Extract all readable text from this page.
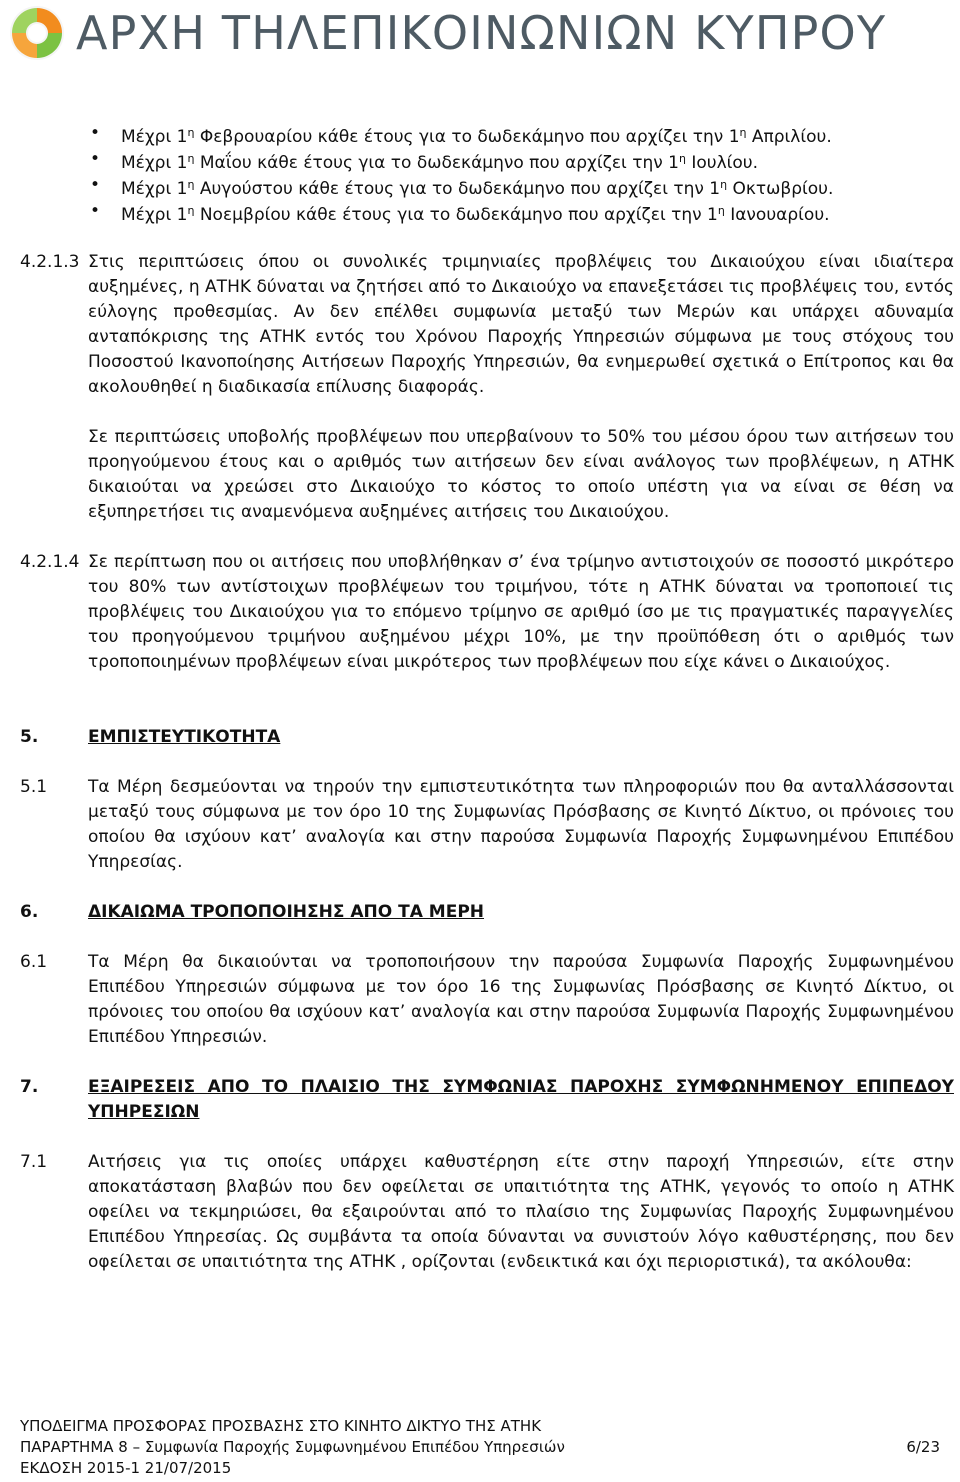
ΑΡΧΗ ΤΗΛΕΠΙΚΟΙΝΩΝΙΩΝ ΚΥΠΡΟΥ
• Μέχρι $1^\eta$ Φεβρουαρίου κάθε έτους για το δωδεκάμηνο που αρχίζει την $1^\eta$ Απριλίου.
• Μέχρι $1^\eta$ Μαΐου κάθε έτους για το δωδεκάμηνο που αρχίζει την $1^\eta$ Ιουλίου.
• Μέχρι $1^\eta$ Αυγούστου κάθε έτους για το δωδεκάμηνο που αρχίζει την $1^\eta$ Οκτωβρίου.
• Μέχρι $1^\eta$ Νοεμβρίου κάθε έτους για το δωδεκάμηνο που αρχίζει την $1^\eta$ Ιανουαρίου.
4.2.1.3 Στις περιπτώσεις όπου οι συνολικές τριμηνιαίες προβλέψεις του Δικαιούχου είναι ιδιαίτερα αυξημένες, η ΑΤΗΚ δύναται να ζητήσει από το Δικαιούχο να επανεξετάσει τις προβλέψεις του, εντός εύλογης προθεσμίας. Αν δεν επέλθει συμφωνία μεταξύ των Μερών και υπάρχει αδυναμία ανταπόκρισης της ΑΤΗΚ εντός του Χρόνου Παροχής Υπηρεσιών σύμφωνα με τους στόχους του Ποσοστού Ικανοποίησης Αιτήσεων Παροχής Υπηρεσιών, θα ενημερωθεί σχετικά ο Επίτροπος και θα ακολουθηθεί η διαδικασία επίλυσης διαφοράς.
Σε περιπτώσεις υποβολής προβλέψεων που υπερβαίνουν το 50% του μέσου όρου των αιτήσεων του προηγούμενου έτους και ο αριθμός των αιτήσεων δεν είναι ανάλογος των προβλέψεων, η ΑΤΗΚ δικαιούται να χρεώσει στο Δικαιούχο το κόστος το οποίο υπέστη για να είναι σε θέση να εξυπηρετήσει τις αναμενόμενα αυξημένες αιτήσεις του Δικαιούχου.
4.2.1.4 Σε περίπτωση που οι αιτήσεις που υποβλήθηκαν σ’ ένα τρίμηνο αντιστοιχούν σε ποσοστό μικρότερο του 80% των αντίστοιχων προβλέψεων του τριμήνου, τότε η ΑΤΗΚ δύναται να τροποποιεί τις προβλέψεις του Δικαιούχου για το επόμενο τρίμηνο σε αριθμό ίσο με τις πραγματικές παραγγελίες του προηγούμενου τριμήνου αυξημένου μέχρι 10%, με την προϋπόθεση ότι ο αριθμός των τροποποιημένων προβλέψεων είναι μικρότερος των προβλέψεων που είχε κάνει ο Δικαιούχος.
5.	ΕΜΠΙΣΤΕΥΤΙΚΟΤΗΤΑ
5.1 Τα Μέρη δεσμεύονται να τηρούν την εμπιστευτικότητα των πληροφοριών που θα ανταλλάσσονται μεταξύ τους σύμφωνα με τον όρο 10 της Συμφωνίας Πρόσβασης σε Κινητό Δίκτυο, οι πρόνοιες του οποίου θα ισχύουν κατ’ αναλογία και στην παρούσα Συμφωνία Παροχής Συμφωνημένου Επιπέδου Υπηρεσίας.
6.	ΔΙΚΑΙΩΜΑ ΤΡΟΠΟΠΟΙΗΣΗΣ ΑΠΟ ΤΑ ΜΕΡΗ
6.1 Τα Μέρη θα δικαιούνται να τροποποιήσουν την παρούσα Συμφωνία Παροχής Συμφωνημένου Επιπέδου Υπηρεσιών σύμφωνα με τον όρο 16 της Συμφωνίας Πρόσβασης σε Κινητό Δίκτυο, οι πρόνοιες του οποίου θα ισχύουν κατ’ αναλογία και στην παρούσα Συμφωνία Παροχής Συμφωνημένου Επιπέδου Υπηρεσιών.
7.	ΕΞΑΙΡΕΣΕΙΣ ΑΠΟ ΤΟ ΠΛΑΙΣΙΟ ΤΗΣ ΣΥΜΦΩΝΙΑΣ ΠΑΡΟΧΗΣ ΣΥΜΦΩΝΗΜΕΝΟΥ ΕΠΙΠΕΔΟΥ ΥΠΗΡΕΣΙΩΝ
7.1 Αιτήσεις για τις οποίες υπάρχει καθυστέρηση είτε στην παροχή Υπηρεσιών, είτε στην αποκατάσταση βλαβών που δεν οφείλεται σε υπαιτιότητα της ΑΤΗΚ, γεγονός το οποίο η ΑΤΗΚ οφείλει να τεκμηριώσει, θα εξαιρούνται από το πλαίσιο της Συμφωνίας Παροχής Συμφωνημένου Επιπέδου Υπηρεσίας. Ως συμβάντα τα οποία δύνανται να συνιστούν λόγο καθυστέρησης, που δεν οφείλεται σε υπαιτιότητα της ΑΤΗΚ , ορίζονται (ενδεικτικά και όχι περιοριστικά), τα ακόλουθα:
ΥΠΟΔΕΙΓΜΑ ΠΡΟΣΦΟΡΑΣ ΠΡΟΣΒΑΣΗΣ ΣΤΟ ΚΙΝΗΤΟ ΔΙΚΤΥΟ ΤΗΣ ΑΤΗΚ
ΠΑΡΑΡΤΗΜΑ 8 – Συμφωνία Παροχής Συμφωνημένου Επιπέδου Υπηρεσιών	6/23
ΕΚΔΟΣΗ 2015-1 21/07/2015
